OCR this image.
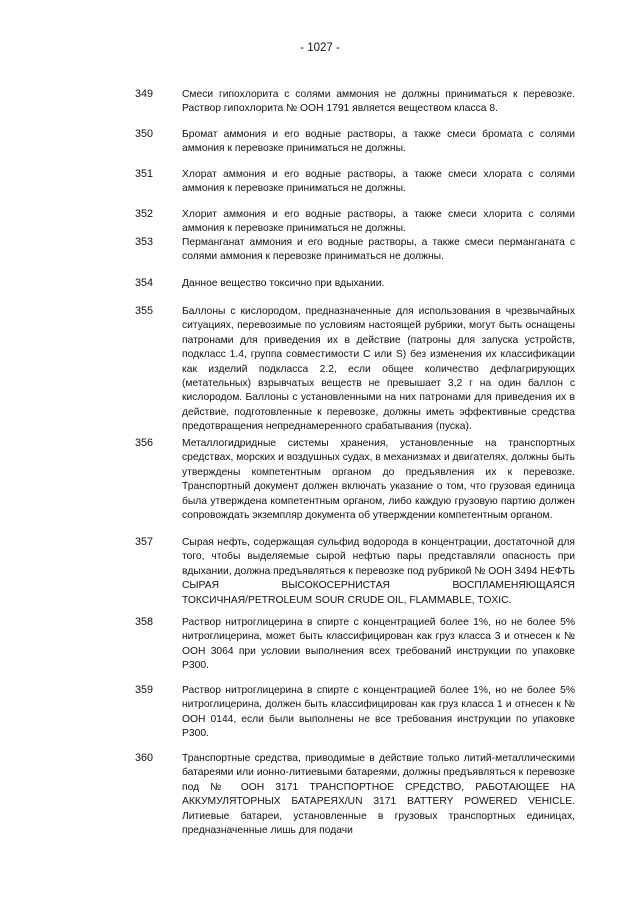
- 1027 -
349	Смеси гипохлорита с солями аммония не должны приниматься к перевозке. Раствор гипохлорита № ООН 1791 является веществом класса 8.
350	Бромат аммония и его водные растворы, а также смеси бромата с солями аммония к перевозке приниматься не должны.
351	Хлорат аммония и его водные растворы, а также смеси хлората с солями аммония к перевозке приниматься не должны.
352	Хлорит аммония и его водные растворы, а также смеси хлорита с солями аммония к перевозке приниматься не должны.
353	Перманганат аммония и его водные растворы, а также смеси перманганата с солями аммония к перевозке приниматься не должны.
354	Данное вещество токсично при вдыхании.
355	Баллоны с кислородом, предназначенные для использования в чрезвычайных ситуациях, перевозимые по условиям настоящей рубрики, могут быть оснащены патронами для приведения их в действие (патроны для запуска устройств, подкласс 1.4, группа совместимости C или S) без изменения их классификации как изделий подкласса 2.2, если общее количество дефлагрирующих (метательных) взрывчатых веществ не превышает 3,2 г на один баллон с кислородом. Баллоны с установленными на них патронами для приведения их в действие, подготовленные к перевозке, должны иметь эффективные средства предотвращения непреднамеренного срабатывания (пуска).
356	Металлогидридные системы хранения, установленные на транспортных средствах, морских и воздушных судах, в механизмах и двигателях, должны быть утверждены компетентным органом до предъявления их к перевозке. Транспортный документ должен включать указание о том, что грузовая единица была утверждена компетентным органом, либо каждую грузовую партию должен сопровождать экземпляр документа об утверждении компетентным органом.
357	Сырая нефть, содержащая сульфид водорода в концентрации, достаточной для того, чтобы выделяемые сырой нефтью пары представляли опасность при вдыхании, должна предъявляться к перевозке под рубрикой № ООН 3494 НЕФТЬ СЫРАЯ ВЫСОКОСЕРНИСТАЯ ВОСПЛАМЕНЯЮЩАЯСЯ ТОКСИЧНАЯ/PETROLEUM SOUR CRUDE OIL, FLAMMABLE, TOXIC.
358	Раствор нитроглицерина в спирте с концентрацией более 1%, но не более 5% нитроглицерина, может быть классифицирован как груз класса 3 и отнесен к № ООН 3064 при условии выполнения всех требований инструкции по упаковке P300.
359	Раствор нитроглицерина в спирте с концентрацией более 1%, но не более 5% нитроглицерина, должен быть классифицирован как груз класса 1 и отнесен к № ООН 0144, если были выполнены не все требования инструкции по упаковке P300.
360	Транспортные средства, приводимые в действие только литий-металлическими батареями или ионно-литиевыми батареями, должны предъявляться к перевозке под № ООН 3171 ТРАНСПОРТНОЕ СРЕДСТВО, РАБОТАЮЩЕЕ НА АККУМУЛЯТОРНЫХ БАТАРЕЯХ/UN 3171 BATTERY POWERED VEHICLE. Литиевые батареи, установленные в грузовых транспортных единицах, предназначенные лишь для подачи
